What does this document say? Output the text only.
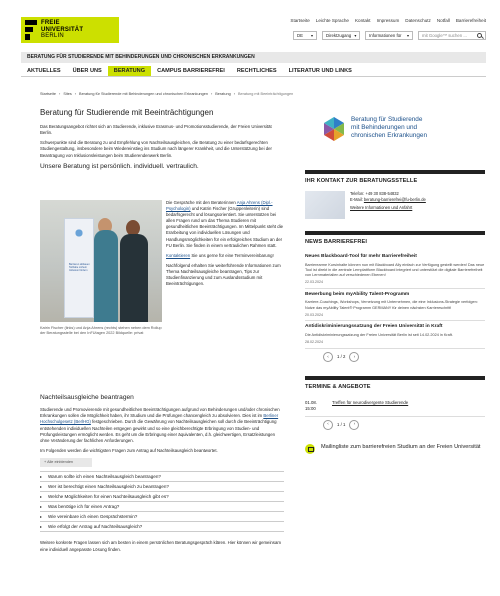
FREIE
UNIVERSITÄT
BERLIN
Startseite Leichte Sprache Kontakt Impressum Datenschutz Notfall Barrierefreiheit
DE ▾	Direktzugang ▾	Informationen für ▾	mit Google™ suchen ...
BERATUNG FÜR STUDIERENDE MIT BEHINDERUNGEN UND CHRONISCHEN ERKRANKUNGEN
AKTUELLES	ÜBER UNS	BERATUNG	CAMPUS BARRIEREFREI	RECHTLICHES	LITERATUR UND LINKS
Startseite › Sites › Beratung für Studierende mit Behinderungen und chronischen Erkrankungen › Beratung › Beratung mit Beeinträchtigungen
Beratung für Studierende mit Beeinträchtigungen

Das Beratungsangebot richtet sich an Studierende, inklusive Erasmus- und Promotionsstudierende, der Freien Universität Berlin.

Schwerpunkte sind die Beratung zu und Empfehlung von Nachteilsausgleichen, die Beratung zu einer bedarfsgerechten Studiengestaltung, insbesondere beim Wiedereinstieg ins Studium nach längerer Krankheit, und die Unterstützung bei der Beantragung von Inklusionsleistungen beim Studierendenwerk Berlin.

Unsere Beratung ist persönlich. individuell. vertraulich.
Barrieren abbauen Teilhabe sichern Inklusion fördern
Katrin Fischer (links) und Anja Ahrens (rechts) stehen neben dem Rollup der Beratungsstelle bei den InFUtagen 2022 Bildquelle: privat

Die Gespräche mit den Beraterinnen Anja Ahrens (Dipl.-Psychologin) und Katrin Fischer (Gruppenleiterin) sind bedarfsgerecht und lösungsorientiert. Sie unterstützen bei allen Fragen rund um das Thema Studieren mit gesundheitlichen Beeinträchtigungen. Im Mittelpunkt steht die Erarbeitung von individuellen Lösungen und Handlungsmöglichkeiten für ein erfolgreiches Studium an der FU Berlin. Sie finden in einem vertraulichen Rahmen statt.

Kontaktieren Sie uns gerne für eine Terminvereinbarung!

Nachfolgend erhalten Sie weiterführende Informationen zum Thema Nachteilsausgleiche beantragen, Tips zur Studienfinanzierung und zum Auslandsstudium mit Beeinträchtigungen.

Nachteilsausgleiche beantragen

Studierende und Promovierende mit gesundheitlichen Beeinträchtigungen aufgrund von Behinderungen und/oder chronischen Erkrankungen sollen die Möglichkeit haben, ihr Studium und die Prüfungen chancengleich zu absolvieren. Dies ist im Berliner Hochschulgesetz (BerlHG) festgeschrieben. Durch die Gewährung von Nachteilsausgleichen soll durch die Beeinträchtigung entstehenden individuellen Nachteilen entgegen gewirkt und so eine gleichberechtigte Erbringung von Studien- und Prüfungsleistungen ermöglicht werden. Es geht um die Erbringung einer äquivalenten, d.h. gleichwertigen, Ersatzleistungen ohne Veränderung der fachlichen Anforderungen.

Im Folgenden werden die wichtigsten Fragen zum Antrag auf Nachteilsausgleich beantwortet.

+ Alle einblenden
▸	Warum sollte ich einen Nachteilsausgleich beantragen?
▸	Wer ist berechtigt einen Nachteilsausgleich zu beantragen?
▸	Welche Möglichkeiten für einen Nachteilsausgleich gibt es?
▸	Was benötige ich für einen Antrag?
▸	Wie vereinbare ich einen Gesprächstermin?
▸	Wie erfolgt der Antrag auf Nachteilsausgleich?

Weitere konkrete Fragen lassen sich am besten in einem persönlichen Beratungsgespräch klären. Hier können wir gemeinsam eine individuell angepasste Lösung finden.

Beratung für Studierende
mit Behinderungen und
chronischen Erkrankungen
IHR KONTAKT ZUR BERATUNGSSTELLE
Telefon: +49 30 838-54832
E-Mail: beratung-barrierefrei@fu-berlin.de
Weitere Informationen und Anfahrt
NEWS BARRIEREFREI
Neues Blackboard-Tool für mehr Barrierefreiheit
Barrierearme Kursinhalte können nun mit Blackboard Ally einfach zur Verfügung gestellt werden! Das neue Tool ist direkt in die zentrale Lernplattform Blackboard integriert und unterstützt die digitale Barrierefreiheit von Lernmaterialien auf verschiedenen Ebenen!
22.03.2024
Bewerbung beim myAbility Talent-Programm
Karriere-Coachings, Workshops, Vernetzung mit Unternehmen, die eine Inklusions-Strategie verfolgen: Nutze das myAbility Talent® Programm GERMANY für deinen nächsten Karriereschritt!
20.03.2024
Antidiskriminierungssatzung der Freien Universität in Kraft
Die Antidiskriminierungssatzung der Freien Universität Berlin ist seit 14.02.2024 in Kraft.
28.02.2024
‹	1 / 2	›
TERMINE & ANGEBOTE
01.08.
15:00
Treffen für neurodivergente Studierende
‹	1 / 1	›
Mailingliste zum barrierefreien Studium an der Freien Universität
